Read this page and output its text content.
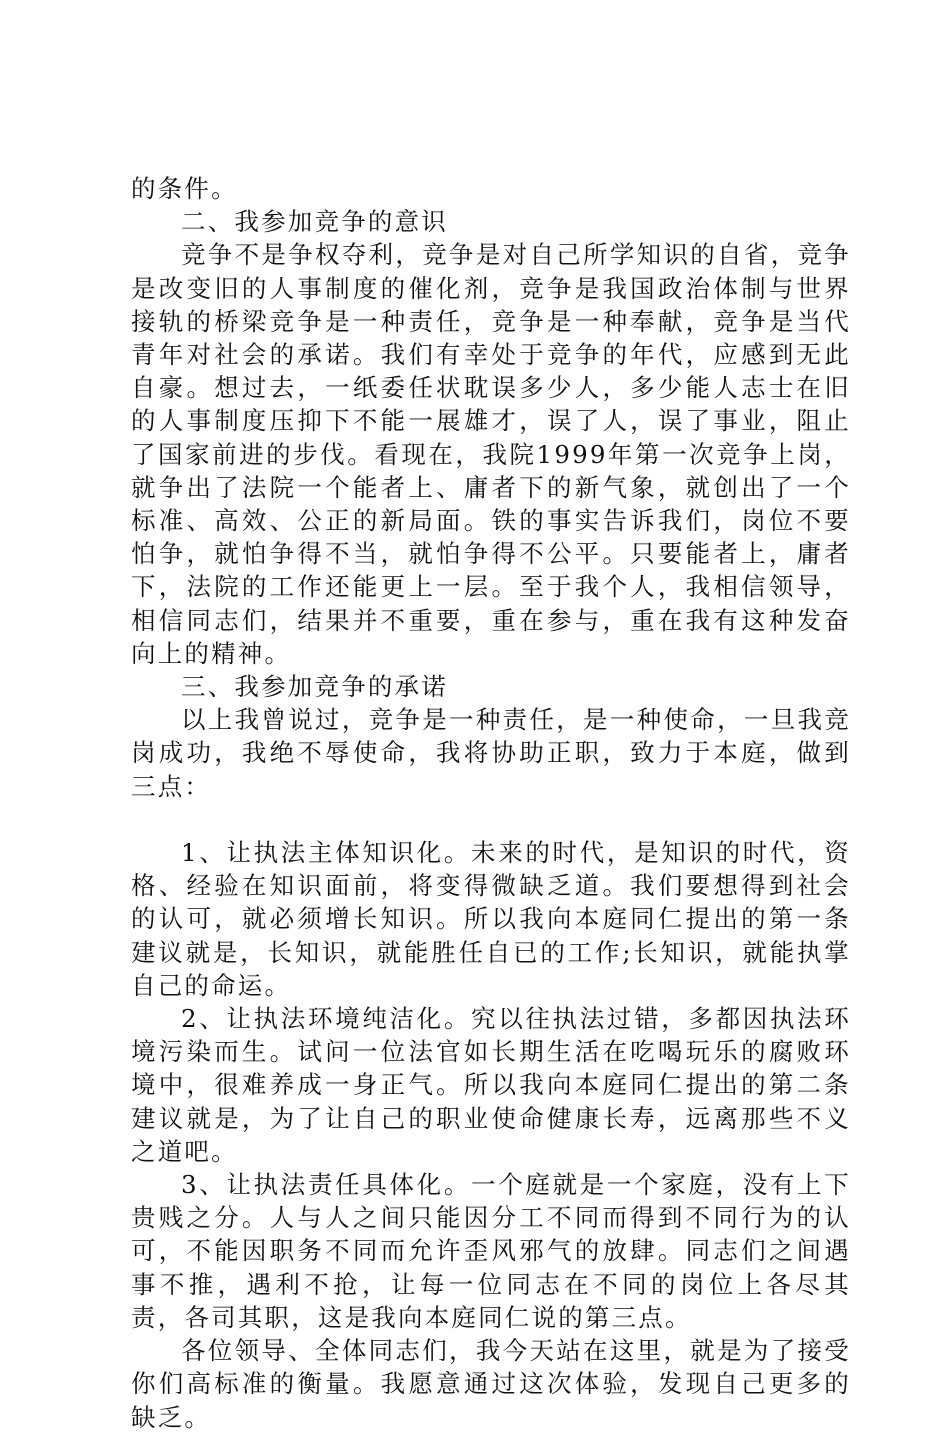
的条件。

二、我参加竞争的意识

竞争不是争权夺利，竞争是对自己所学知识的自省，竞争是改变旧的人事制度的催化剂，竞争是我国政治体制与世界接轨的桥梁竞争是一种责任，竞争是一种奉献，竞争是当代青年对社会的承诺。我们有幸处于竞争的年代，应感到无此自豪。想过去，一纸委任状耽误多少人，多少能人志士在旧的人事制度压抑下不能一展雄才，误了人，误了事业，阻止了国家前进的步伐。看现在，我院1999年第一次竞争上岗，就争出了法院一个能者上、庸者下的新气象，就创出了一个标准、高效、公正的新局面。铁的事实告诉我们，岗位不要怕争，就怕争得不当，就怕争得不公平。只要能者上，庸者下，法院的工作还能更上一层。至于我个人，我相信领导，相信同志们，结果并不重要，重在参与，重在我有这种发奋向上的精神。

三、我参加竞争的承诺

以上我曾说过，竞争是一种责任，是一种使命，一旦我竞岗成功，我绝不辱使命，我将协助正职，致力于本庭，做到三点：

1、让执法主体知识化。未来的时代，是知识的时代，资格、经验在知识面前，将变得微缺乏道。我们要想得到社会的认可，就必须增长知识。所以我向本庭同仁提出的第一条建议就是，长知识，就能胜任自已的工作;长知识，就能执掌自己的命运。

2、让执法环境纯洁化。究以往执法过错，多都因执法环境污染而生。试问一位法官如长期生活在吃喝玩乐的腐败环境中，很难养成一身正气。所以我向本庭同仁提出的第二条建议就是，为了让自己的职业使命健康长寿，远离那些不义之道吧。

3、让执法责任具体化。一个庭就是一个家庭，没有上下贵贱之分。人与人之间只能因分工不同而得到不同行为的认可，不能因职务不同而允许歪风邪气的放肆。同志们之间遇事不推，遇利不抢，让每一位同志在不同的岗位上各尽其责，各司其职，这是我向本庭同仁说的第三点。

各位领导、全体同志们，我今天站在这里，就是为了接受你们高标准的衡量。我愿意通过这次体验，发现自己更多的缺乏。
